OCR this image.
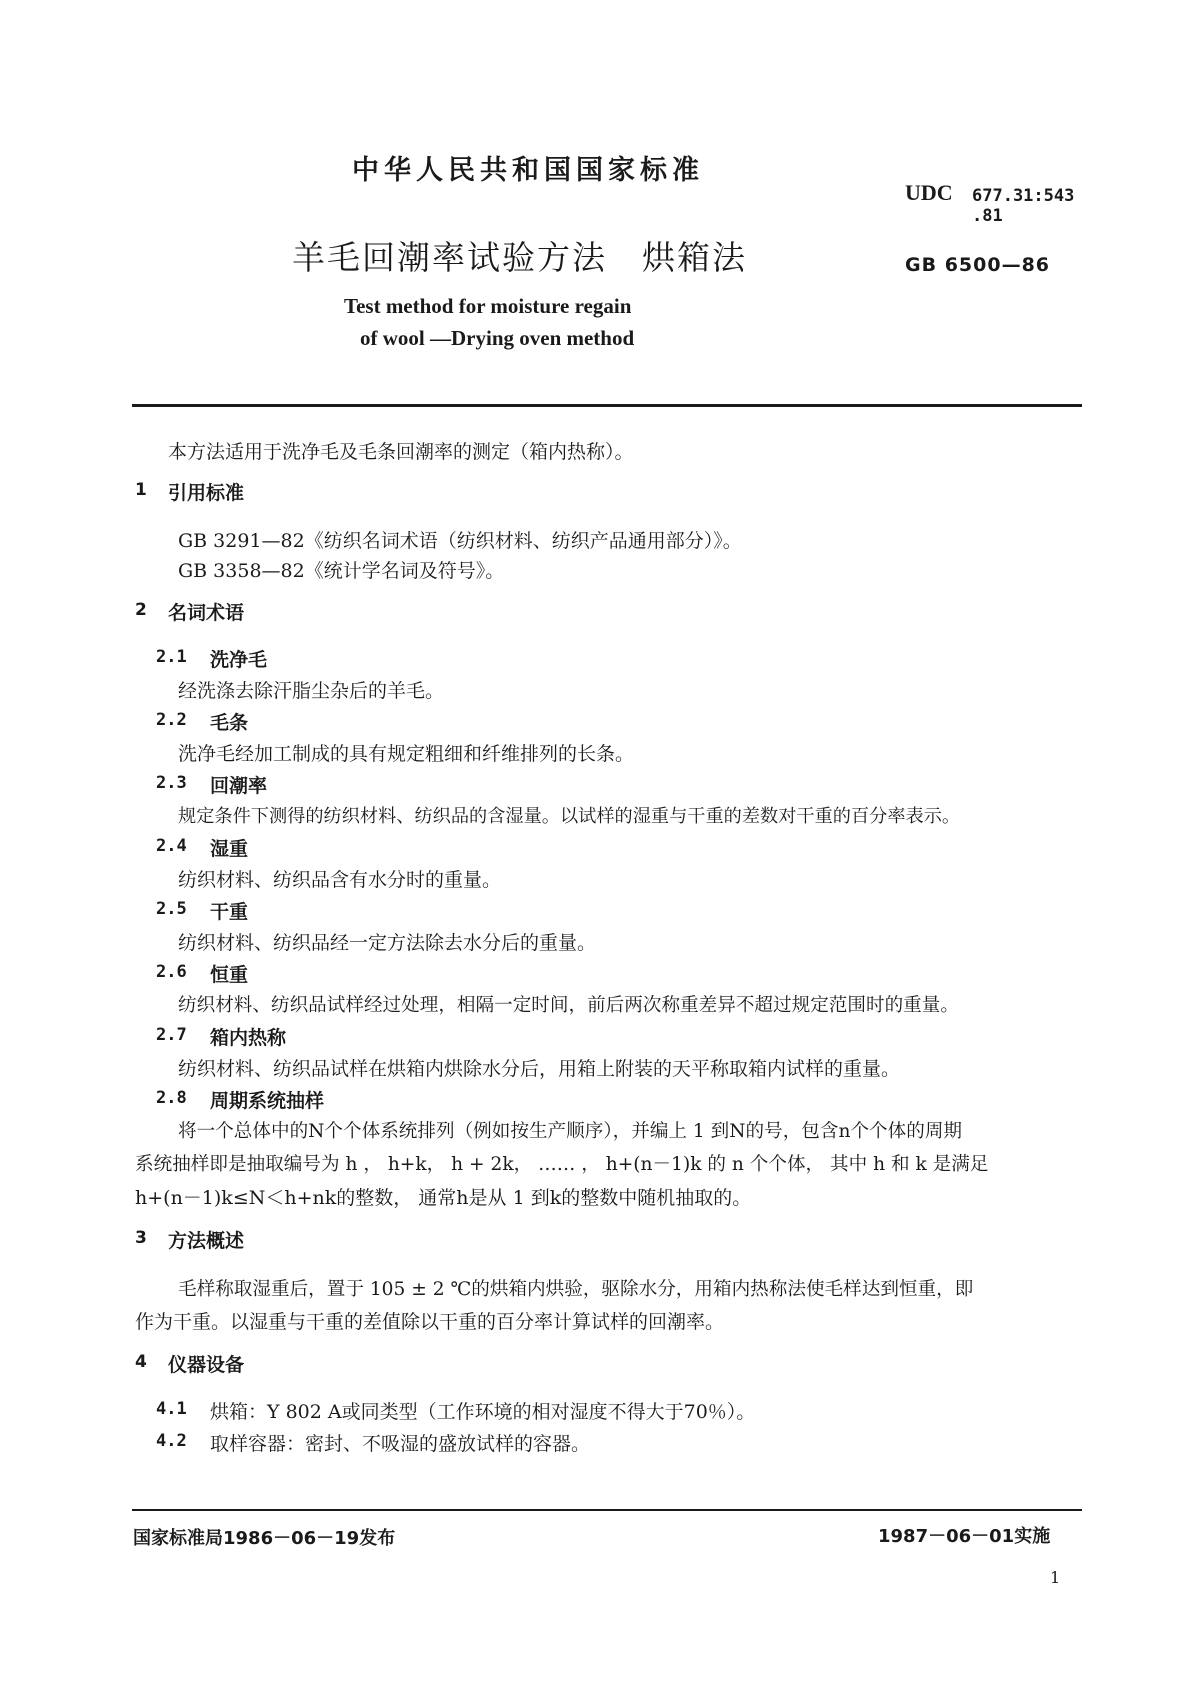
中华人民共和国国家标准
UDC 677.31:543
.81
羊毛回潮率试验方法　烘箱法	GB 6500—86
Test method for moisture regain
of wool —Drying oven method
本方法适用于洗净毛及毛条回潮率的测定（箱内热称）。
1 引用标准
GB 3291—82《纺织名词术语（纺织材料、纺织产品通用部分）》。
GB 3358—82《统计学名词及符号》。
2 名词术语
2.1 洗净毛
经洗涤去除汗脂尘杂后的羊毛。
2.2 毛条
洗净毛经加工制成的具有规定粗细和纤维排列的长条。
2.3 回潮率
规定条件下测得的纺织材料、纺织品的含湿量。以试样的湿重与干重的差数对干重的百分率表示。
2.4 湿重
纺织材料、纺织品含有水分时的重量。
2.5 干重
纺织材料、纺织品经一定方法除去水分后的重量。
2.6 恒重
纺织材料、纺织品试样经过处理，相隔一定时间，前后两次称重差异不超过规定范围时的重量。
2.7 箱内热称
纺织材料、纺织品试样在烘箱内烘除水分后，用箱上附装的天平称取箱内试样的重量。
2.8 周期系统抽样
将一个总体中的N个个体系统排列（例如按生产顺序），并编上 1 到N的号，包含n个个体的周期
系统抽样即是抽取编号为 h ， h+k， h + 2k， …… ， h+(n－1)k 的 n 个个体， 其中 h 和 k 是满足
h+(n－1)k≤N＜h+nk的整数， 通常h是从 1 到k的整数中随机抽取的。
3 方法概述
毛样称取湿重后，置于 105 ± 2 ℃的烘箱内烘验，驱除水分，用箱内热称法使毛样达到恒重，即
作为干重。以湿重与干重的差值除以干重的百分率计算试样的回潮率。
4 仪器设备
4.1 烘箱：Y 802 A或同类型（工作环境的相对湿度不得大于70％）。
4.2 取样容器：密封、不吸湿的盛放试样的容器。
国家标准局1986－06－19发布	1987－06－01实施
1
